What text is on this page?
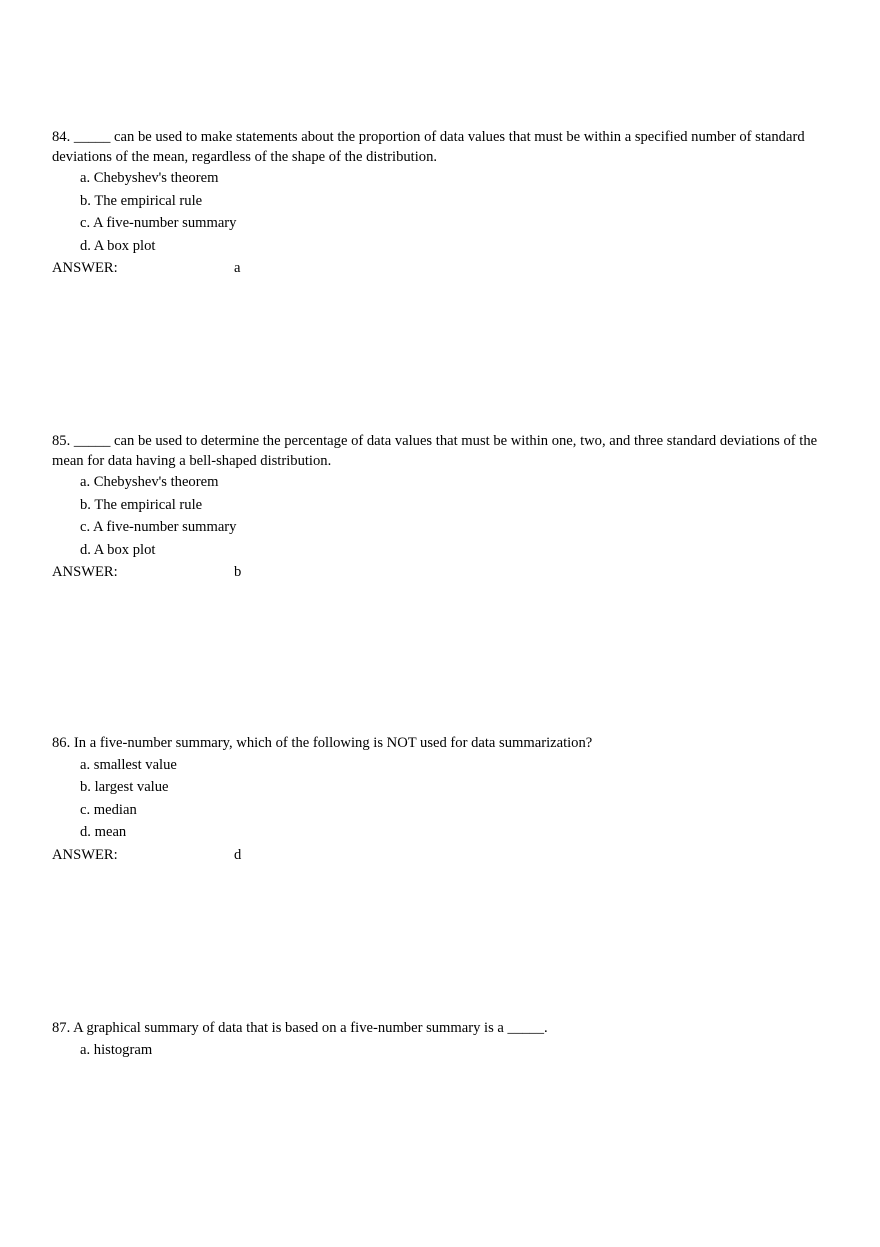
84. _____ can be used to make statements about the proportion of data values that must be within a specified number of standard deviations of the mean, regardless of the shape of the distribution.

a. Chebyshev's theorem
b. The empirical rule
c. A five-number summary
d. A box plot
ANSWER:	a

85. _____ can be used to determine the percentage of data values that must be within one, two, and three standard deviations of the mean for data having a bell-shaped distribution.

a. Chebyshev's theorem
b. The empirical rule
c. A five-number summary
d. A box plot
ANSWER:	b

86. In a five-number summary, which of the following is NOT used for data summarization?

a. smallest value
b. largest value
c. median
d. mean
ANSWER:	d

87. A graphical summary of data that is based on a five-number summary is a _____.

a. histogram
